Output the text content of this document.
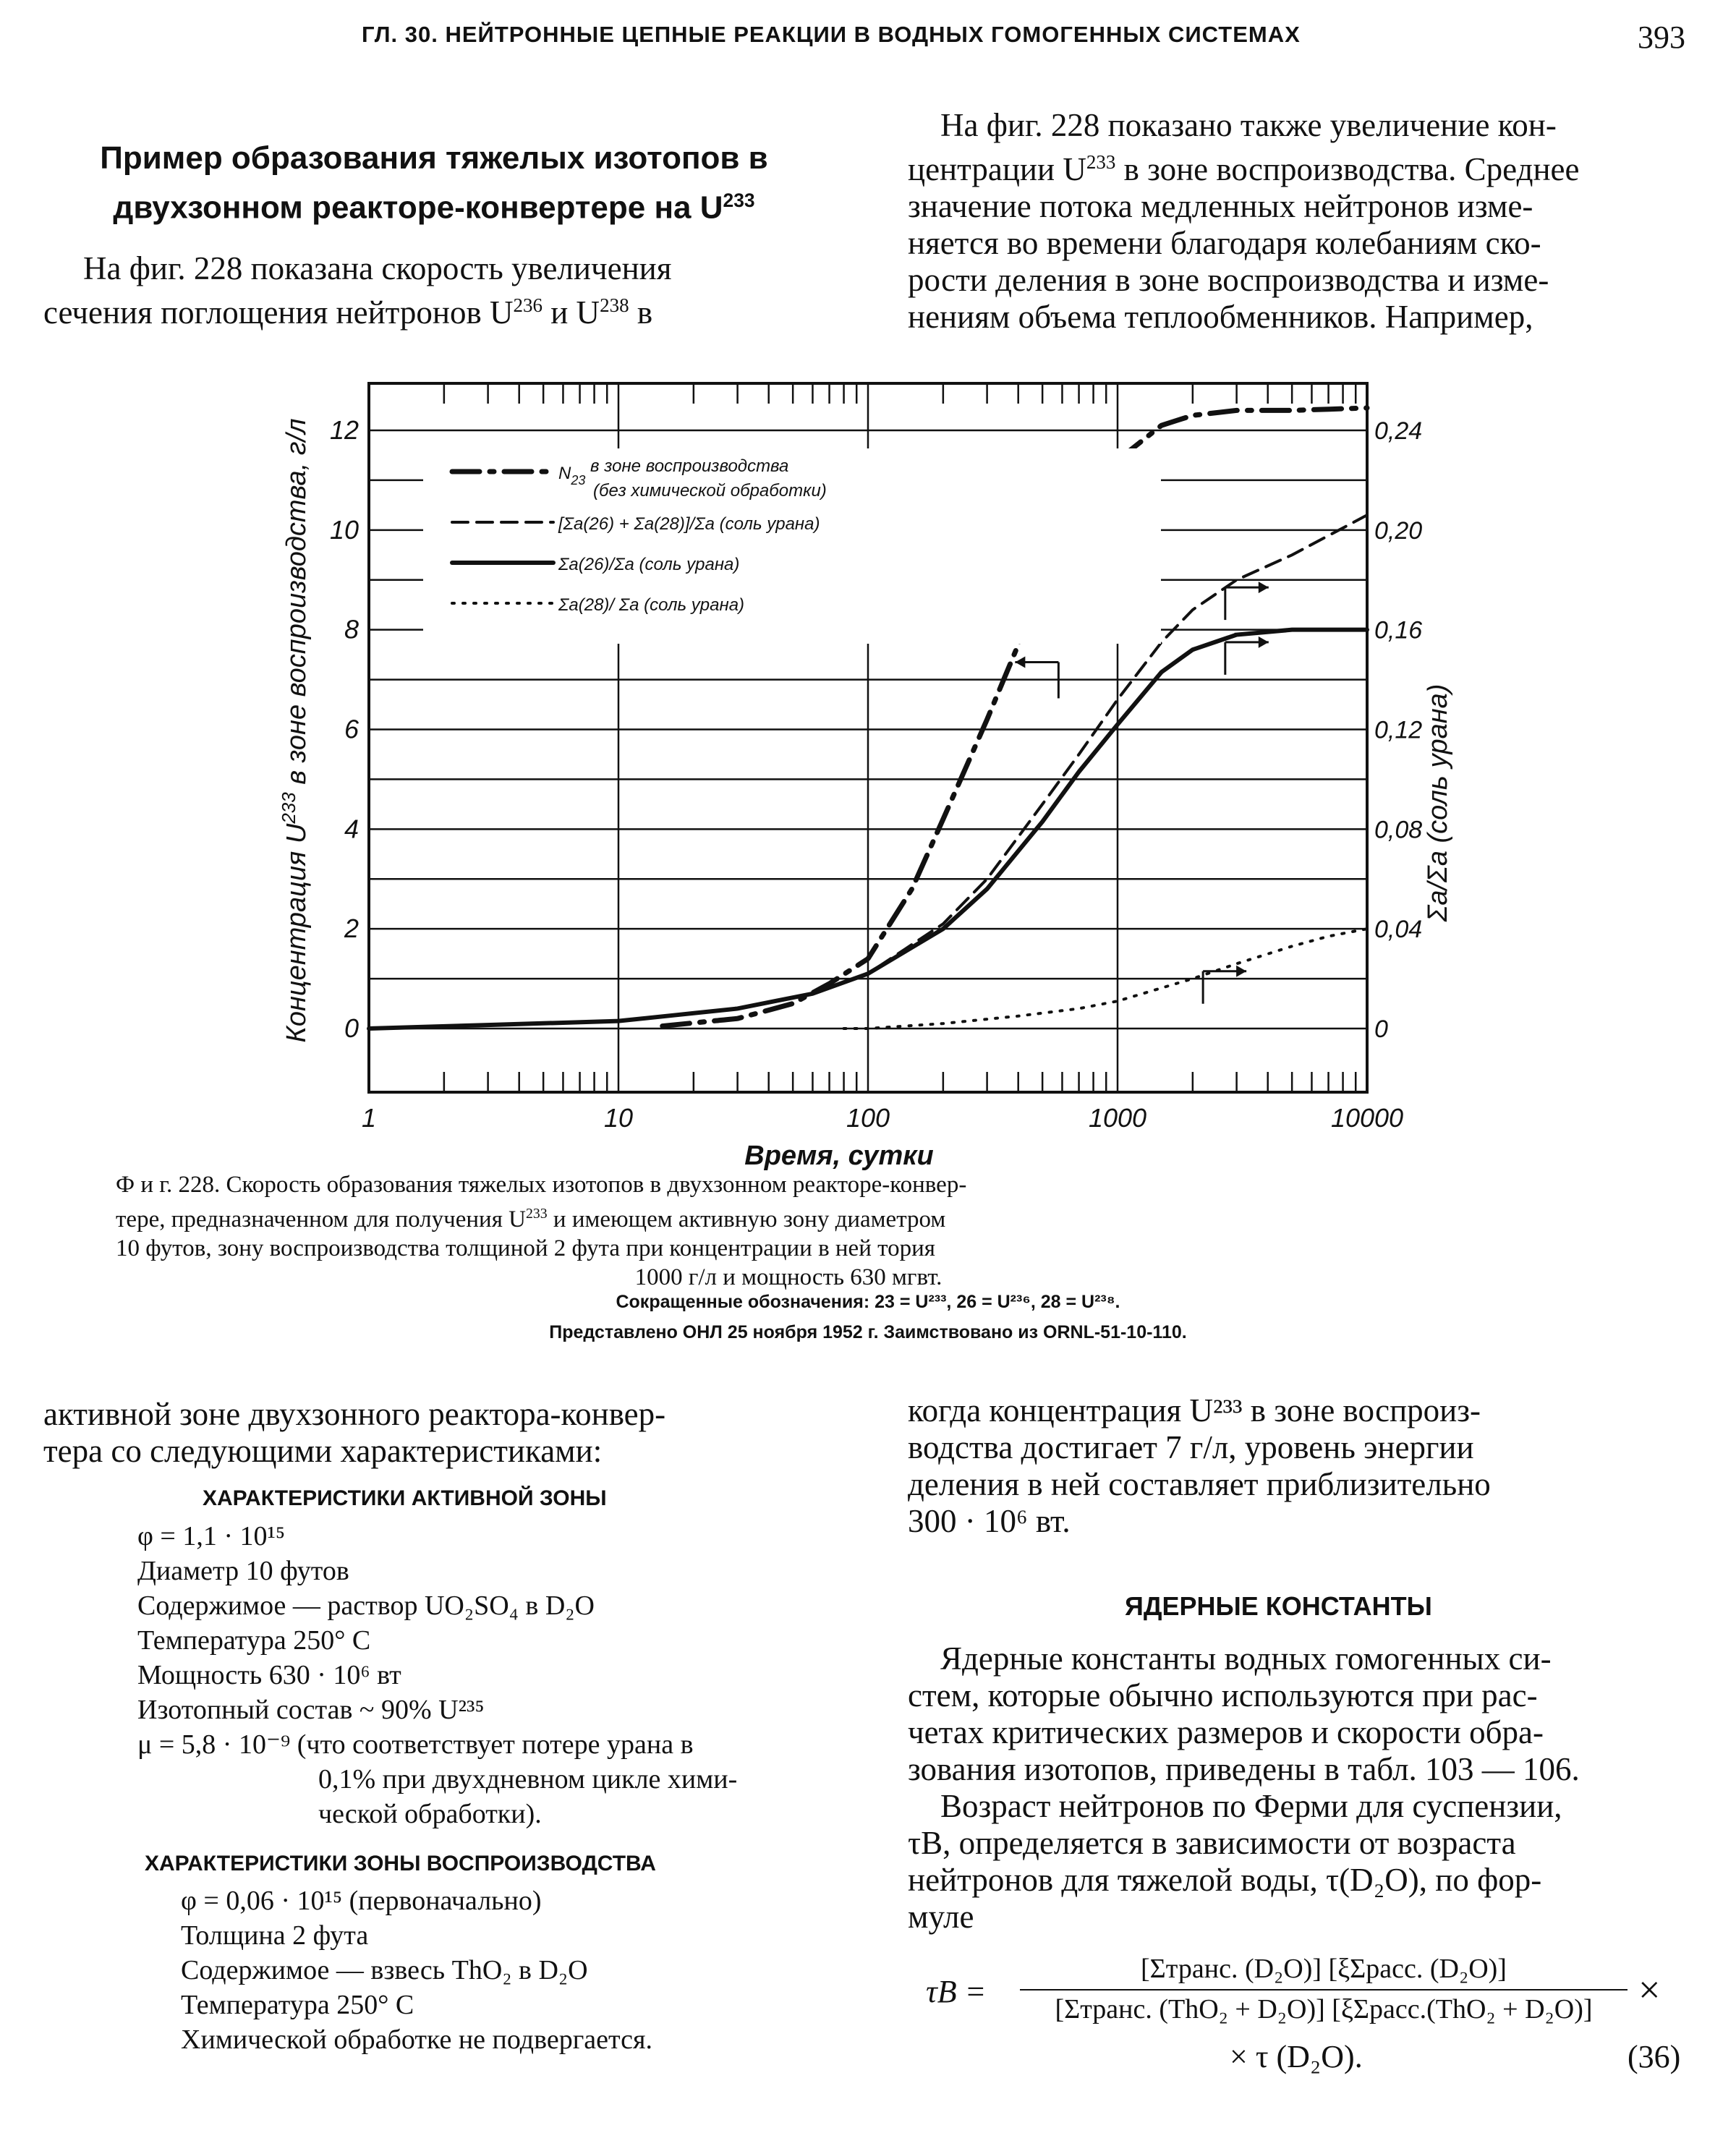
ГЛ. 30. НЕЙТРОННЫЕ ЦЕПНЫЕ РЕАКЦИИ В ВОДНЫХ ГОМОГЕННЫХ СИСТЕМАХ	393
Пример образования тяжелых изотопов в
двухзонном реакторе-конвертере на $U^{233}$
На фиг. 228 показана скорость увеличения
сечения поглощения нейтронов $U^{236}$ и $U^{238}$ в
На фиг. 228 показано также увеличение кон-
центрации $U^{233}$ в зоне воспроизводства. Среднее
значение потока медленных нейтронов изме-
няется во времени благодаря колебаниям ско-
рости деления в зоне воспроизводства и изме-
нениям объема теплообменников. Например,
$N_{23}$ в зоне воспроизводства
(без химической обработки)
[Σa(26) + Σa(28)]/Σa (соль урана)
Σa(26)/Σa (соль урана)
Σa(28)/ Σa (соль урана)
1	10	100	1000	10000
0
2
4
6
8
10
12
0
0,04
0,08
0,12
0,16
0,20
0,24
Время, сутки
Концентрация $U^{233}$ в зоне воспроизводства, г/л
Σa/Σa (соль урана)
Ф и г. 228. Скорость образования тяжелых изотопов в двухзонном реакторе-конвер-
тере, предназначенном для получения $U^{233}$ и имеющем активную зону диаметром
10 футов, зону воспроизводства толщиной 2 фута при концентрации в ней тория
1000 г/л и мощность 630 мгвт.
Сокращенные обозначения: 23 = U²³³, 26 = U²³⁶, 28 = U²³⁸.
Представлено ОНЛ 25 ноября 1952 г. Заимствовано из ORNL-51-10-110.
активной зоне двухзонного реактора-конвер-
тера со следующими характеристиками:
ХАРАКТЕРИСТИКИ АКТИВНОЙ ЗОНЫ
φ = 1,1 · 10¹⁵
Диаметр 10 футов
Содержимое — раствор UO₂SO₄ в D₂O
Температура 250° С
Мощность 630 · 10⁶ вт
Изотопный состав ~ 90% U²³⁵
μ = 5,8 · 10⁻⁹ (что соответствует потере урана в
0,1% при двухдневном цикле хими-
ческой обработки).
ХАРАКТЕРИСТИКИ ЗОНЫ ВОСПРОИЗВОДСТВА
φ = 0,06 · 10¹⁵ (первоначально)
Толщина 2 фута
Содержимое — взвесь ThO₂ в D₂O
Температура 250° С
Химической обработке не подвергается.
когда концентрация U²³³ в зоне воспроиз-
водства достигает 7 г/л, уровень энергии
деления в ней составляет приблизительно
300 · 10⁶ вт.
ЯДЕРНЫЕ КОНСТАНТЫ
Ядерные константы водных гомогенных си-
стем, которые обычно используются при рас-
четах критических размеров и скорости обра-
зования изотопов, приведены в табл. 103 — 106.
Возраст нейтронов по Ферми для суспензии,
τB, определяется в зависимости от возраста
нейтронов для тяжелой воды, τ(D₂O), по фор-
муле
τB =
[Σтранс. (D₂O)] [ξΣрасс. (D₂O)]
[Σтранс. (ThO₂ + D₂O)] [ξΣрасс.(ThO₂ + D₂O)]	×
× τ (D₂O).	(36)
